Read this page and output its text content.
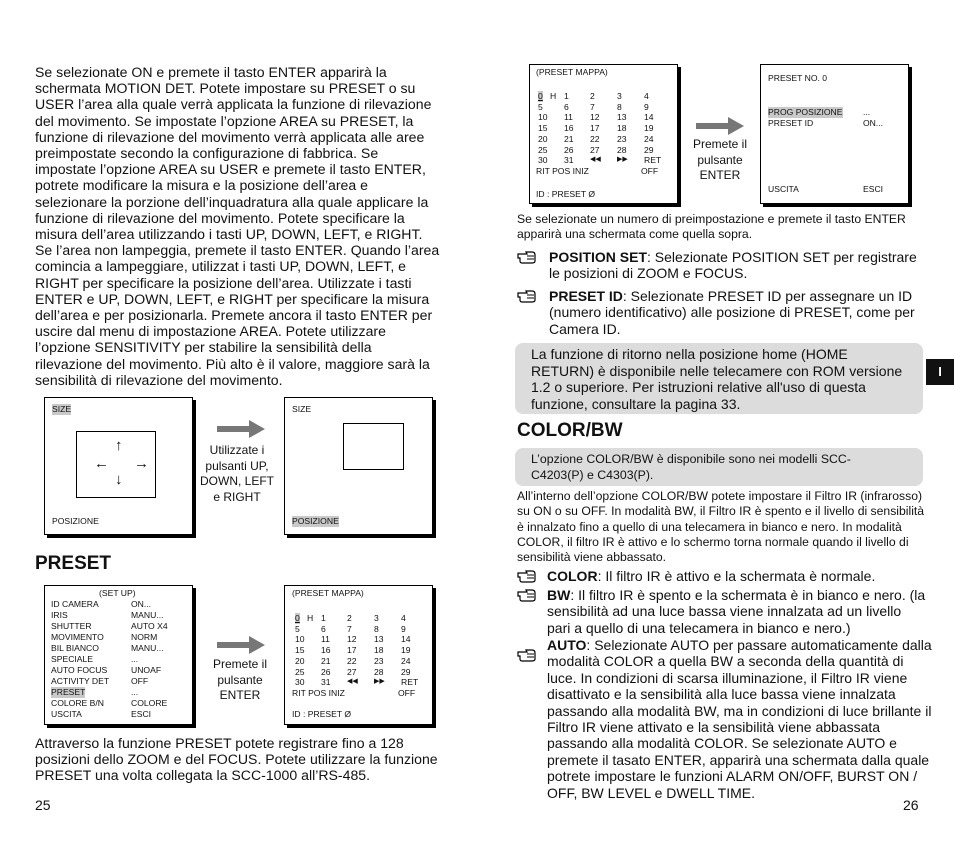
Se selezionate ON e premete il tasto ENTER apparirà la schermata MOTION DET. Potete impostare su PRESET o su USER l’area alla quale verrà applicata la funzione di rilevazione del movimento. Se impostate l’opzione AREA su PRESET, la funzione di rilevazione del movimento verrà applicata alle aree preimpostate secondo la configurazione di fabbrica. Se impostate l’opzione AREA su USER e premete il tasto ENTER, potrete modificare la misura e la posizione dell’area e selezionare la porzione dell’inquadratura alla quale applicare la funzione di rilevazione del movimento. Potete specificare la misura dell’area utilizzando i tasti UP, DOWN, LEFT, e RIGHT. Se l’area non lampeggia, premete il tasto ENTER. Quando l’area comincia a lampeggiare, utilizzat i tasti UP, DOWN, LEFT, e RIGHT per specificare la posizione dell’area. Utilizzate i tasti ENTER e UP, DOWN, LEFT, e RIGHT per specificare la misura dell’area e per posizionarla. Premete ancora il tasto ENTER per uscire dal menu di impostazione AREA. Potete utilizzare l’opzione SENSITIVITY per stabilire la sensibilità della rilevazione del movimento. Più alto è il valore, maggiore sarà la sensibilità di rilevazione del movimento.
SIZE
↑
← →
↓
POSIZIONE
Utilizzate i
pulsanti UP,
DOWN, LEFT
e RIGHT
SIZE
POSIZIONE
PRESET
(SET UP)
ID CAMERA	ON...
IRIS	MANU...
SHUTTER	AUTO X4
MOVIMENTO	NORM
BIL BIANCO	MANU...
SPECIALE	...
AUTO FOCUS	UNOAF
ACTIVITY DET	OFF
PRESET	...
COLORE B/N	COLORE
USCITA	ESCI
Premete il
pulsante
ENTER
(PRESET MAPPA)
0 H 1 2	3	4
5 6 7	8	9
10 11 12 13 14
15 16 17 18 19
20 21 22 23 24
25 26 27 28 29
30 31 ◀◀ ▶▶ RET
RIT POS INIZ	OFF
ID : PRESET Ø
Attraverso la funzione PRESET potete registrare fino a 128 posizioni dello ZOOM e del FOCUS. Potete utilizzare la funzione PRESET una volta collegata la SCC-1000 all’RS-485.
25
(PRESET MAPPA)
0 H 1 2	3	4
5 6 7	8	9
10 11 12 13 14
15 16 17 18 19
20 21 22 23 24
25 26 27 28 29
30 31 ◀◀ ▶▶ RET
RIT POS INIZ	OFF
ID : PRESET Ø
Premete il
pulsante
ENTER
PRESET NO. 0
PROG POSIZIONE ...
PRESET ID	ON...
USCITA	ESCI
Se selezionate un numero di preimpostazione e premete il tasto ENTER apparirà una schermata come quella sopra.
POSITION SET: Selezionate POSITION SET per registrare le posizioni di ZOOM e FOCUS.
PRESET ID: Selezionate PRESET ID per assegnare un ID (numero identificativo) alle posizione di PRESET, come per Camera ID.
La funzione di ritorno nella posizione home (HOME RETURN) è disponibile nelle telecamere con ROM versione 1.2 o superiore. Per istruzioni relative all'uso di questa funzione, consultare la pagina 33.
I
COLOR/BW
L’opzione COLOR/BW è disponibile sono nei modelli SCC-C4203(P) e C4303(P).
All’interno dell’opzione COLOR/BW potete impostare il Filtro IR (infrarosso) su ON o su OFF. In modalità BW, il Filtro IR è spento e il livello di sensibilità è innalzato fino a quello di una telecamera in bianco e nero. In modalità COLOR, il filtro IR è attivo e lo schermo torna normale quando il livello di sensibilità viene abbassato.
COLOR: Il filtro IR è attivo e la schermata è normale.
BW: Il filtro IR è spento e la schermata è in bianco e nero. (la sensibilità ad una luce bassa viene innalzata ad un livello pari a quello di una telecamera in bianco e nero.)
AUTO: Selezionate AUTO per passare automaticamente dalla modalità COLOR a quella BW a seconda della quantità di luce. In condizioni di scarsa illuminazione, il Filtro IR viene disattivato e la sensibilità alla luce bassa viene innalzata passando alla modalità BW, ma in condizioni di luce brillante il Filtro IR viene attivato e la sensibilità viene abbassata passando alla modalità COLOR. Se selezionate AUTO e premete il tasato ENTER, apparirà una schermata dalla quale potrete impostare le funzioni ALARM ON/OFF, BURST ON / OFF, BW LEVEL e DWELL TIME.
26
